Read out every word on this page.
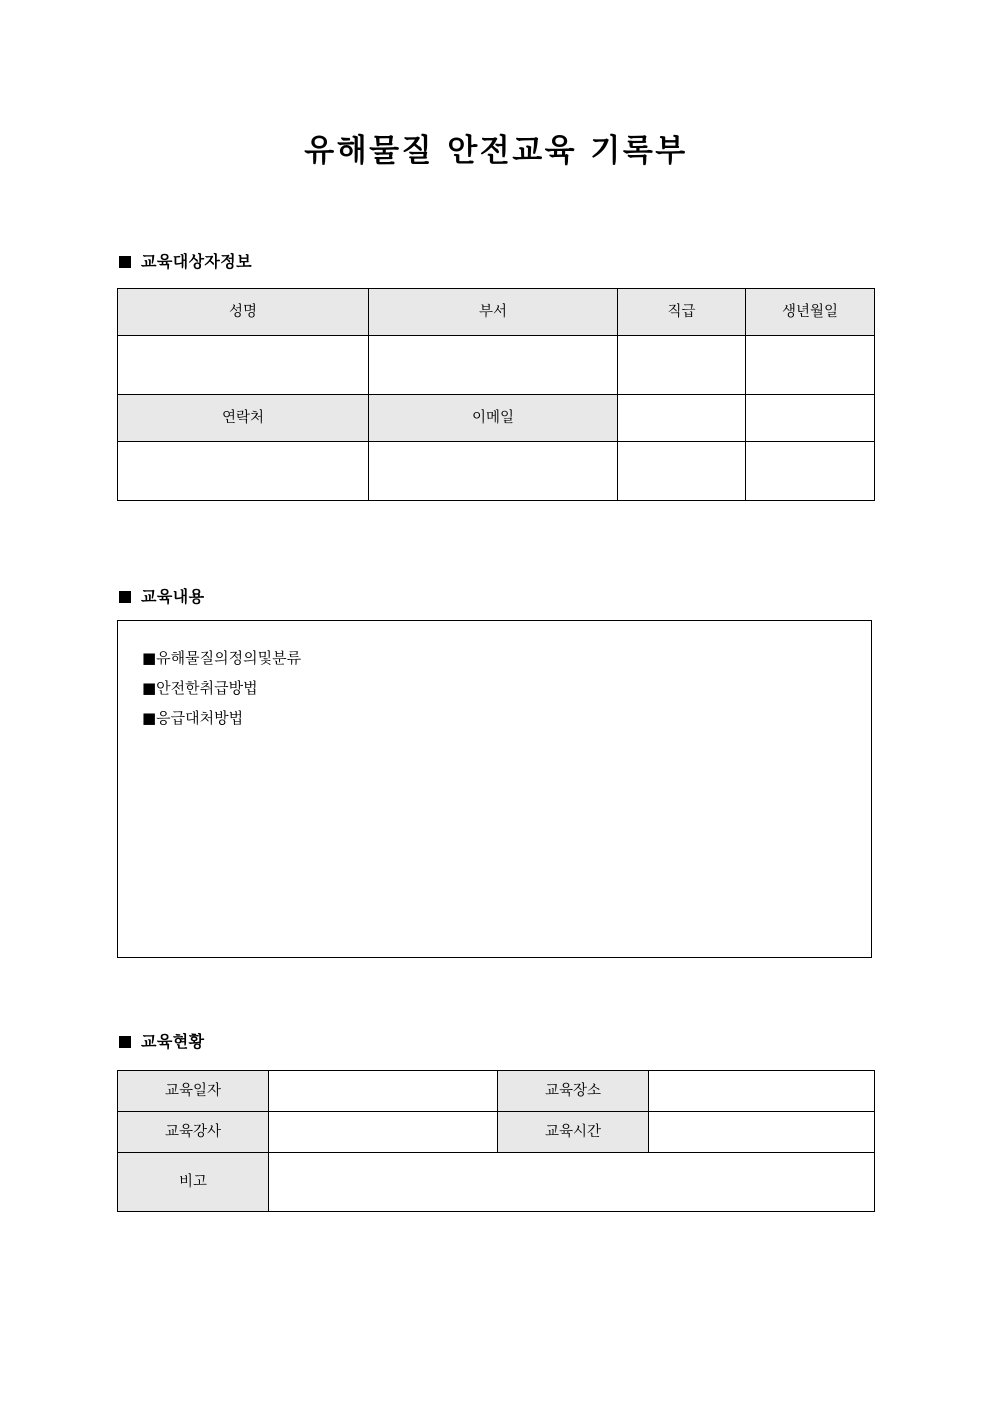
유해물질 안전교육 기록부
교육대상자정보
성명	부서	직급	생년월일

연락처	이메일		

교육내용
■유해물질의정의및분류
■안전한취급방법
■응급대처방법
교육현황
교육일자		교육장소	
교육강사		교육시간	
비고			
